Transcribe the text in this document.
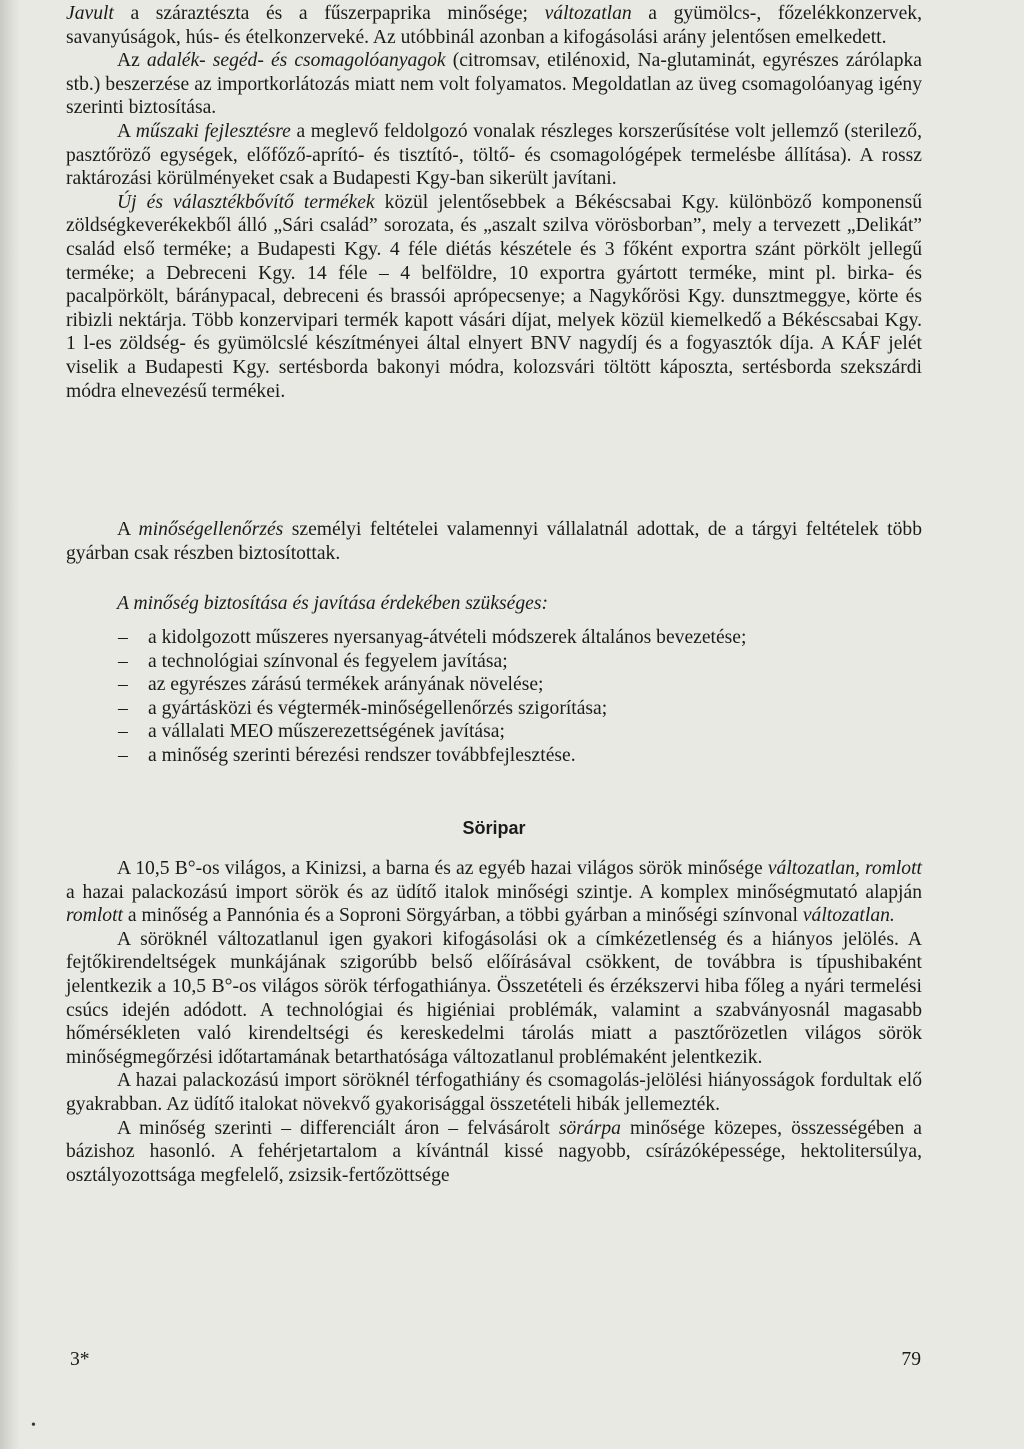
Javult a száraztészta és a fűszerpaprika minősége; változatlan a gyümölcs-, főzelékkonzervek, savanyúságok, hús- és ételkonzerveké. Az utóbbinál azonban a kifogásolási arány jelentősen emelkedett.

Az adalék- segéd- és csomagolóanyagok (citromsav, etilénoxid, Na-glutaminát, egyrészes zárólapka stb.) beszerzése az importkorlátozás miatt nem volt folyamatos. Megoldatlan az üveg csomagolóanyag igény szerinti biztosítása.

A műszaki fejlesztésre a meglevő feldolgozó vonalak részleges korszerűsítése volt jellemző (sterilező, pasztőröző egységek, előfőző-aprító- és tisztító-, töltő- és csomagológépek termelésbe állítása). A rossz raktározási körülményeket csak a Budapesti Kgy-ban sikerült javítani.

Új és választékbővítő termékek közül jelentősebbek a Békéscsabai Kgy. különböző komponensű zöldségkeverékekből álló „Sári család” sorozata, és „aszalt szilva vörösborban”, mely a tervezett „Delikát” család első terméke; a Budapesti Kgy. 4 féle diétás készétele és 3 főként exportra szánt pörkölt jellegű terméke; a Debreceni Kgy. 14 féle – 4 belföldre, 10 exportra gyártott terméke, mint pl. birka- és pacalpörkölt, báránypacal, debreceni és brassói aprópecsenye; a Nagykőrösi Kgy. dunsztmeggye, körte és ribizli nektárja. Több konzervipari termék kapott vásári díjat, melyek közül kiemelkedő a Békéscsabai Kgy. 1 l-es zöldség- és gyümölcslé készítményei által elnyert BNV nagydíj és a fogyasztók díja. A KÁF jelét viselik a Budapesti Kgy. sertésborda bakonyi módra, kolozsvári töltött káposzta, sertésborda szekszárdi módra elnevezésű termékei.

A minőségellenőrzés személyi feltételei valamennyi vállalatnál adottak, de a tárgyi feltételek több gyárban csak részben biztosítottak.

A minőség biztosítása és javítása érdekében szükséges:

–	a kidolgozott műszeres nyersanyag-átvételi módszerek általános bevezetése;
–	a technológiai színvonal és fegyelem javítása;
–	az egyrészes zárású termékek arányának növelése;
–	a gyártásközi és végtermék-minőségellenőrzés szigorítása;
–	a vállalati MEO műszerezettségének javítása;
–	a minőség szerinti bérezési rendszer továbbfejlesztése.
Söripar

A 10,5 B°-os világos, a Kinizsi, a barna és az egyéb hazai világos sörök minősége változatlan, romlott a hazai palackozású import sörök és az üdítő italok minőségi szintje. A komplex minőségmutató alapján romlott a minőség a Pannónia és a Soproni Sörgyárban, a többi gyárban a minőségi színvonal változatlan.

A söröknél változatlanul igen gyakori kifogásolási ok a címkézetlenség és a hiányos jelölés. A fejtőkirendeltségek munkájának szigorúbb belső előírásával csökkent, de továbbra is típushibaként jelentkezik a 10,5 B°-os világos sörök térfogathiánya. Összetételi és érzékszervi hiba főleg a nyári termelési csúcs idején adódott. A technológiai és higiéniai problémák, valamint a szabványosnál magasabb hőmérsékleten való kirendeltségi és kereskedelmi tárolás miatt a pasztőrözetlen világos sörök minőségmegőrzési időtartamának betarthatósága változatlanul problémaként jelentkezik.

A hazai palackozású import söröknél térfogathiány és csomagolás-jelölési hiányosságok fordultak elő gyakrabban. Az üdítő italokat növekvő gyakorisággal összetételi hibák jellemezték.

A minőség szerinti – differenciált áron – felvásárolt sörárpa minősége közepes, összességében a bázishoz hasonló. A fehérjetartalom a kívántnál kissé nagyobb, csírázóképessége, hektolitersúlya, osztályozottsága megfelelő, zsizsik-fertőzöttsége

3*	79
•
